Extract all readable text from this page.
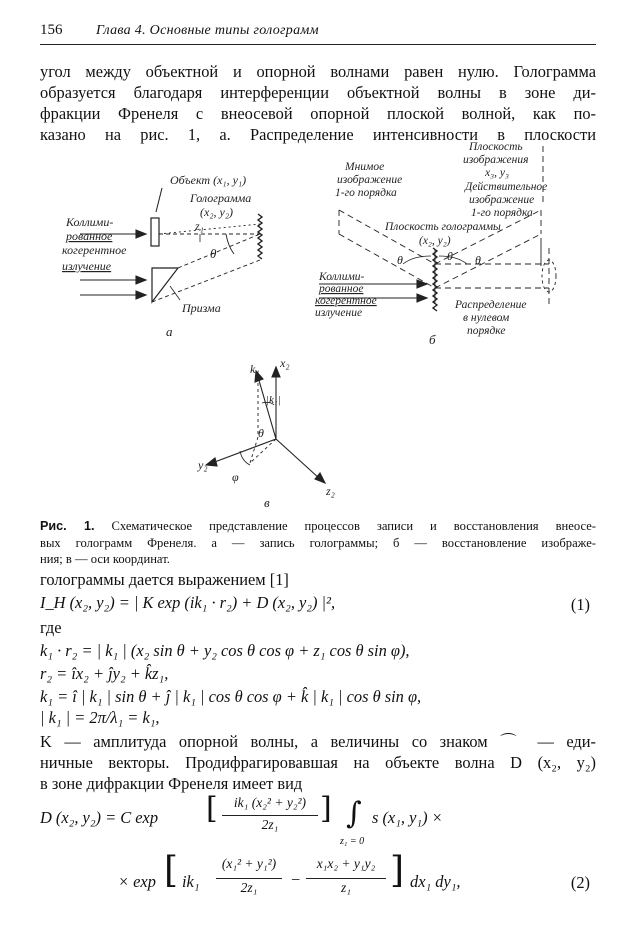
156 Глава 4. Основные типы голограмм

угол между объектной и опорной волнами равен нулю. Голограмма

образуется благодаря интерференции объектной волны в зоне ди-

фракции Френеля с внеосевой опорной плоской волной, как по-

казано на рис. 1, a. Распределение интенсивности в плоскости

Объект (x₁, y₁)
Голограмма
(x₂, y₂)
Коллими-
рованное
когерентное
излучение
z₁
θ
Призма
а
Мнимое
изображение
1-го порядка
Плоскость
изображения
x₃, y₃
Действительное
изображение
1-го порядка
Плоскость голограммы
(x₂, y₂)
θ	θ θ
Коллими-
рованное
когерентное
излучение
Распределение
в нулевом
порядке
б
k₁
|k₁|
x₂
y₂
z₂
θ
φ
в
Рис. 1. Схематическое представление процессов записи и восстановления внеосе-
вых голограмм Френеля. а — запись голограммы; б — восстановление изображе-
ния; в — оси координат.
голограммы дается выражением [1]
I_H (x₂, y₂) = | K exp (ik₁ · r₂) + D (x₂, y₂) |²,	(1)
где
k₁ · r₂ = | k₁ | (x₂ sin θ + y₂ cos θ cos φ + z₁ cos θ sin φ),
r₂ = îx₂ + ĵy₂ + k̂z₁,
k₁ = î | k₁ | sin θ + ĵ | k₁ | cos θ cos φ + k̂ | k₁ | cos θ sin φ,
| k₁ | = 2π/λ₁ = k₁,

K — амплитуда опорной волны, а величины со знаком ⌒ — еди-

ничные векторы. Продифрагировавшая на объекте волна D (x₂, y₂)

в зоне дифракции Френеля имеет вид

D (x₂, y₂) = C exp [	ik₁ (x₂² + y₂²)
2z₁	] ∫
z₁ = 0
s (x₁, y₁) ×
× exp [ ik₁
(x₁² + y₁²)
2z₁	−
x₁x₂ + y₁y₂
z₁	] dx₁ dy₁,	(2)
